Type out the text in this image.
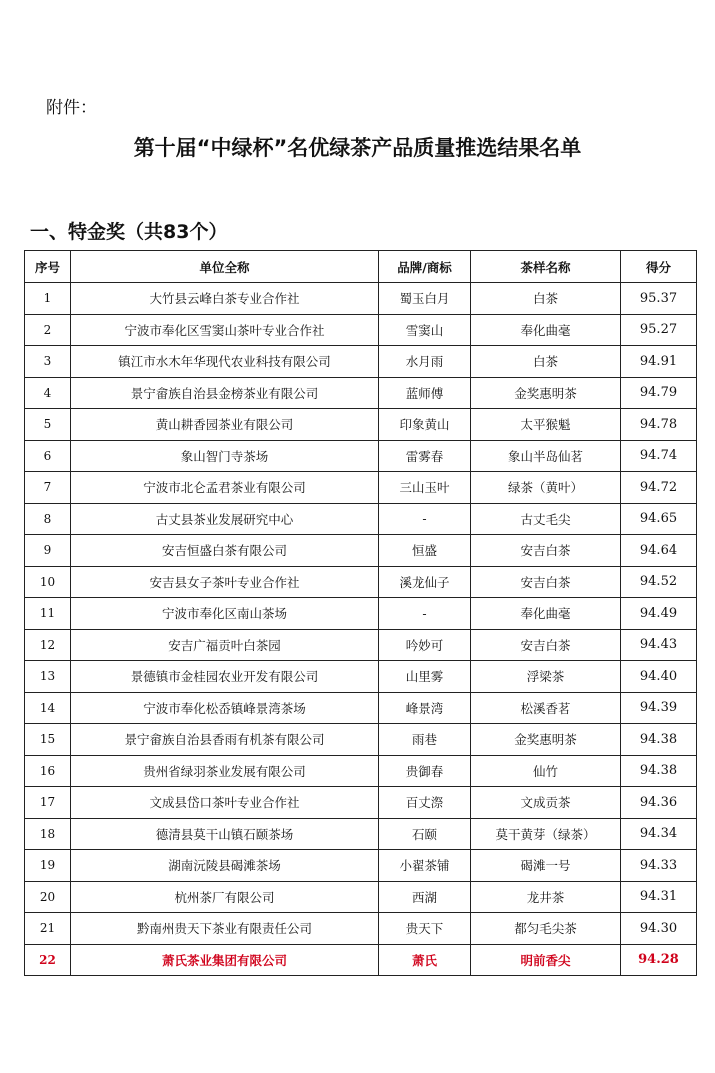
附件：
第十届“中绿杯”名优绿茶产品质量推选结果名单
一、特金奖（共83个）
序号	单位全称	品牌/商标	茶样名称	得分
1	大竹县云峰白茶专业合作社	蜀玉白月	白茶	95.37
2	宁波市奉化区雪窦山茶叶专业合作社	雪窦山	奉化曲毫	95.27
3	镇江市水木年华现代农业科技有限公司	水月雨	白茶	94.91
4	景宁畲族自治县金榜茶业有限公司	蓝师傅	金奖惠明茶	94.79
5	黄山耕香园茶业有限公司	印象黄山	太平猴魁	94.78
6	象山智门寺茶场	雷雾春	象山半岛仙茗	94.74
7	宁波市北仑孟君茶业有限公司	三山玉叶	绿茶（黄叶）	94.72
8	古丈县茶业发展研究中心	-	古丈毛尖	94.65
9	安吉恒盛白茶有限公司	恒盛	安吉白茶	94.64
10	安吉县女子茶叶专业合作社	溪龙仙子	安吉白茶	94.52
11	宁波市奉化区南山茶场	-	奉化曲毫	94.49
12	安吉广福贡叶白茶园	吟妙可	安吉白茶	94.43
13	景德镇市金桂园农业开发有限公司	山里雾	浮梁茶	94.40
14	宁波市奉化松岙镇峰景湾茶场	峰景湾	松溪香茗	94.39
15	景宁畲族自治县香雨有机茶有限公司	雨巷	金奖惠明茶	94.38
16	贵州省绿羽茶业发展有限公司	贵御春	仙竹	94.38
17	文成县岱口茶叶专业合作社	百丈漈	文成贡茶	94.36
18	德清县莫干山镇石颐茶场	石颐	莫干黄芽（绿茶）	94.34
19	湖南沅陵县碣滩茶场	小翟茶铺	碣滩一号	94.33
20	杭州茶厂有限公司	西湖	龙井茶	94.31
21	黔南州贵天下茶业有限责任公司	贵天下	都匀毛尖茶	94.30
22	萧氏茶业集团有限公司	萧氏	明前香尖	94.28
